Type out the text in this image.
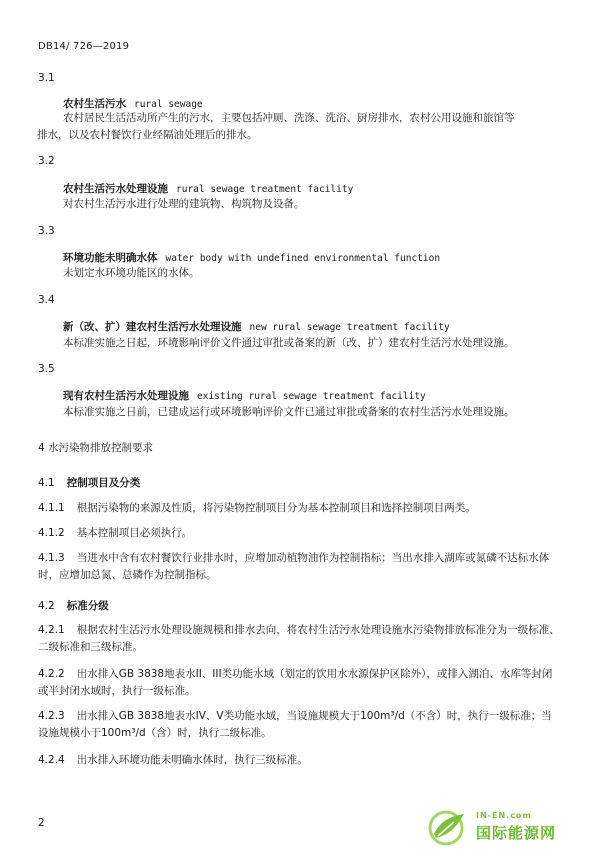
DB14/ 726—2019
3.1
农村生活污水 rural sewage
农村居民生活活动所产生的污水，主要包括冲厕、洗涤、洗浴、厨房排水，农村公用设施和旅馆等
排水，以及农村餐饮行业经隔油处理后的排水。
3.2
农村生活污水处理设施 rural sewage treatment facility
对农村生活污水进行处理的建筑物、构筑物及设备。
3.3
环境功能未明确水体 water body with undefined environmental function
未划定水环境功能区的水体。
3.4
新（改、扩）建农村生活污水处理设施 new rural sewage treatment facility
本标准实施之日起，环境影响评价文件通过审批或备案的新（改、扩）建农村生活污水处理设施。
3.5
现有农村生活污水处理设施 existing rural sewage treatment facility
本标准实施之日前，已建成运行或环境影响评价文件已通过审批或备案的农村生活污水处理设施。
4 水污染物排放控制要求
4.1 控制项目及分类
4.1.1 根据污染物的来源及性质，将污染物控制项目分为基本控制项目和选择控制项目两类。
4.1.2 基本控制项目必须执行。
4.1.3 当进水中含有农村餐饮行业排水时，应增加动植物油作为控制指标；当出水排入湖库或氮磷不达标水体时，应增加总氮、总磷作为控制指标。
4.2 标准分级
4.2.1 根据农村生活污水处理设施规模和排水去向，将农村生活污水处理设施水污染物排放标准分为一级标准、二级标准和三级标准。
4.2.2 出水排入GB 3838地表水II、III类功能水域（划定的饮用水水源保护区除外），或排入湖泊、水库等封闭或半封闭水域时，执行一级标准。
4.2.3 出水排入GB 3838地表水IV、V类功能水域，当设施规模大于100m³/d（不含）时，执行一级标准；当设施规模小于100m³/d（含）时，执行二级标准。
4.2.4 出水排入环境功能未明确水体时，执行三级标准。
2
IN-EN.com
国际能源网
